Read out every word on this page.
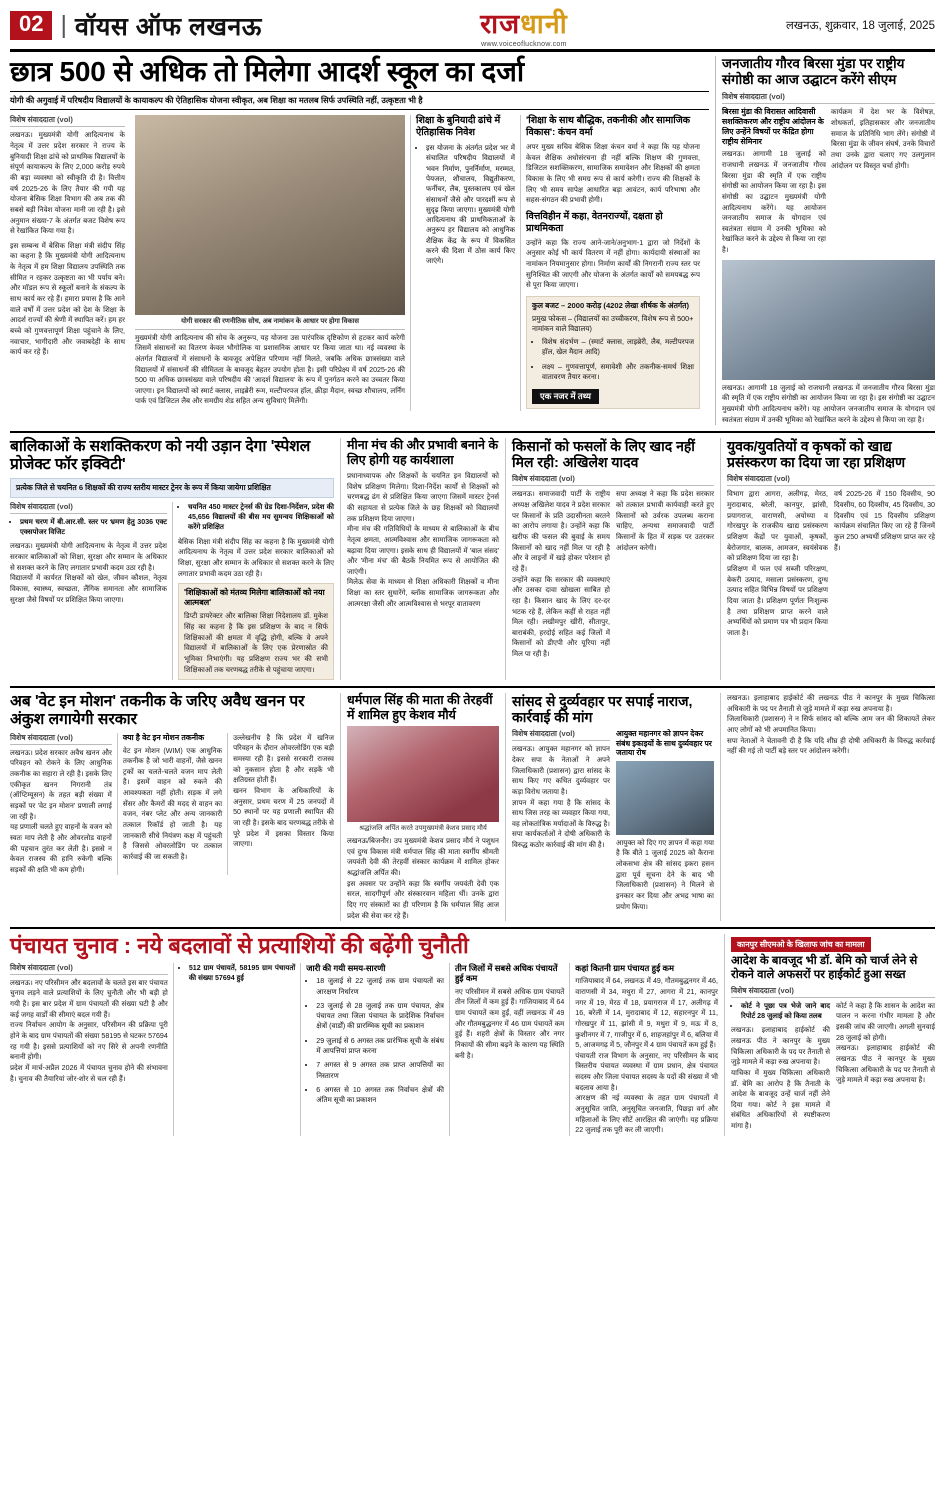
02 | वॉयस ऑफ लखनऊ	राजधानी
www.voiceoflucknow.com
लखनऊ, शुक्रवार, 18 जुलाई, 2025
छात्र 500 से अधिक तो मिलेगा आदर्श स्कूल का दर्जा
योगी की अगुवाई में परिषदीय विद्यालयों के कायाकल्प की ऐतिहासिक योजना स्वीकृत, अब शिक्षा का मतलब सिर्फ उपस्थिति नहीं, उत्कृष्टता भी है
विशेष संवाददाता (vol)

लखनऊ। मुख्यमंत्री योगी आदित्यनाथ के नेतृत्व में उत्तर प्रदेश सरकार ने राज्य के बुनियादी शिक्षा ढांचे को प्राथमिक विद्यालयों के संपूर्ण कायाकल्प के लिए 2,000 करोड़ रुपये की बड़ा व्यवस्था को स्वीकृति दी है। वित्तीय वर्ष 2025-26 के लिए तैयार की गयी यह योजना बेसिक शिक्षा विभाग की अब तक की सबसे बड़ी निवेश योजना मानी जा रही है। इसे अनुमान संख्या-7 के अंतर्गत बजट विशेष रूप से रेखांकित किया गया है।

इस सम्बन्ध में बेसिक शिक्षा मंत्री संदीप सिंह का कहना है कि मुख्यमंत्री योगी आदित्यनाथ के नेतृत्व में हम शिक्षा विद्यालय उपस्थिति तक सीमित न रहकर उत्कृष्टता का भी पर्याय बने। और मॉडल रूप से स्कूलों बनाने के संकल्प के साथ कार्य कर रहे हैं। हमारा प्रयास है कि आने वाले वर्षों में उत्तर प्रदेश को देश के शिक्षा के आदर्श राज्यों की श्रेणी में स्थापित करें। हम हर बच्चे को गुणवत्तापूर्ण शिक्षा पहुंचाने के लिए, नवाचार, भागीदारी और जवाबदेही के साथ कार्य कर रहे हैं।

योगी सरकार की रणनीतिक सोच, अब नामांकन के आधार पर होगा विकास

मुख्यमंत्री योगी आदित्यनाथ की सोच के अनुरूप, यह योजना उस पारंपरिक दृष्टिकोण से हटकर कार्य करेगी जिसमें संसाधनों का वितरण केवल भौगोलिक या प्रशासनिक आधार पर किया जाता था। नई व्यवस्था के अंतर्गत विद्यालयों में संसाधनों के बावजूद अपेक्षित परिणाम नहीं मिलते, जबकि अधिक छात्रसंख्या वाले विद्यालयों में संसाधनों की सीमितता के बावजूद बेहतर उपयोग होता है। इसी परिप्रेक्ष्य में वर्ष 2025-26 की 500 या अधिक छात्रसंख्या वाले परिषदीय की 'आदर्श विद्यालय' के रूप में पुनर्गठन करने का उच्चतर किया जाएगा। इन विद्यालयों को स्मार्ट क्लास, लाइब्रेरी रूम, मल्टीपरपज हॉल, क्रीड़ा मैदान, स्वच्छ शौचालय, लर्निंग पार्क एवं डिजिटल लैब और समग्रीय शेड सहित अन्य सुविधाएं मिलेंगी।

शिक्षा के बुनियादी ढांचे में ऐतिहासिक निवेश
• इस योजना के अंतर्गत प्रदेश भर में संचालित परिषदीय विद्यालयों में भवन निर्माण, पुनर्निर्माण, मरम्मत, पेयजल, शौचालय, विद्युतीकरण, फर्नीचर, लैब, पुस्तकालय एवं खेल संसाधनों जैसे और पारदर्शी रूप से सुदृढ़ किया जाएगा। मुख्यमंत्री योगी आदित्यनाथ की प्राथमिकताओं के अनुरूप हर विद्यालय को आधुनिक शैक्षिक केंद्र के रूप में विकसित करने की दिशा में ठोस कार्य किए जाएंगे।
'शिक्षा के साथ बौद्धिक, तकनीकी और सामाजिक विकास': कंचन वर्मा
अपर मुख्य सचिव बेसिक शिक्षा कंचन वर्मा ने कहा कि यह योजना केवल शैक्षिक अधोसंरचना ही नहीं बल्कि शिक्षण की गुणवत्ता, डिजिटल सशक्तिकरण, सामाजिक समावेशन और शिक्षकों की क्षमता विकास के लिए भी समग्र रूप से कार्य करेगी। राज्य की शिक्षकों के लिए भी समय सापेक्ष आधारित बड़ा आवंटन, कार्य परिभाषा और सहस-संगठन की प्रभावी होगी।
वित्तविहीन में कहा, वेतनराज्यों, दक्षता हो प्राथमिकता
उन्होंने कहा कि राज्य आने-जाने/अनुभाग-1 द्वारा जो निर्देशों के अनुसार कोई भी कार्य वितरण में नहीं होगा। कार्यदायी संस्थाओं का नामांकन नियमानुसार होगा। निर्माण कार्यों की निगरानी राज्य स्तर पर सुनिश्चित की जाएगी और योजना के अंतर्गत कार्यों को समयबद्ध रूप से पूरा किया जाएगा।
कुल बजट – 2000 करोड़ (4202 लेखा शीर्षक के अंतर्गत)
प्रमुख फोकस – (विद्यालयों का उच्चीकरण, विशेष रूप से 500+ नामांकन वाले विद्यालय)
• विशेष संदर्भण – (स्मार्ट क्लास, लाइब्रेरी, लैब, मल्टीपरपज हॉल, खेल मैदान आदि)
• लक्ष्य – गुणवत्तापूर्ण, समावेशी और तकनीक-समर्थ शिक्षा वातावरण तैयार करना।
एक नजर में तथ्य
जनजातीय गौरव बिरसा मुंडा पर राष्ट्रीय संगोष्ठी का आज उद्घाटन करेंगे सीएम
विशेष संवाददाता (vol)
बिरसा मुंडा की विरासत आदिवासी सशक्तिकरण और राष्ट्रीय आंदोलन के लिए उन्हेंने विषयों पर केंद्रित होगा राष्ट्रीय सेमिनार
लखनऊ। आगामी 18 जुलाई को राजधानी लखनऊ में जनजातीय गौरव बिरसा मुंडा की स्मृति में एक राष्ट्रीय संगोष्ठी का आयोजन किया जा रहा है। इस संगोष्ठी का उद्घाटन मुख्यमंत्री योगी आदित्यनाथ करेंगे। यह आयोजन जनजातीय समाज के योगदान एवं स्वतंत्रता संग्राम में उनकी भूमिका को रेखांकित करने के उद्देश्य से किया जा रहा है।
कार्यक्रम में देश भर के विशेषज्ञ, शोधकर्ता, इतिहासकार और जनजातीय समाज के प्रतिनिधि भाग लेंगे। संगोष्ठी में बिरसा मुंडा के जीवन संघर्ष, उनके विचारों तथा उनके द्वारा चलाए गए उलगुलान आंदोलन पर विस्तृत चर्चा होगी।
लखनऊ। आगामी 18 जुलाई को राजधानी लखनऊ में जनजातीय गौरव बिरसा मुंडा की स्मृति में एक राष्ट्रीय संगोष्ठी का आयोजन किया जा रहा है। इस संगोष्ठी का उद्घाटन मुख्यमंत्री योगी आदित्यनाथ करेंगे। यह आयोजन जनजातीय समाज के योगदान एवं स्वतंत्रता संग्राम में उनकी भूमिका को रेखांकित करने के उद्देश्य से किया जा रहा है।
बालिकाओं के सशक्तिकरण को नयी उड़ान देगा 'स्पेशल प्रोजेक्ट फॉर इक्विटी'
प्रत्येक जिले से चयनित 6 शिक्षकों की राज्य स्तरीय मास्टर ट्रेनर के रूप में किया जायेगा प्रशिक्षित
विशेष संवाददाता (vol)
• प्रथम चरण में बी.आर.सी. स्तर पर भ्रमण हेतु 3036 एक्ट एक्सपोजर विजिट
लखनऊ। मुख्यमंत्री योगी आदित्यनाथ के नेतृत्व में उत्तर प्रदेश सरकार बालिकाओं को शिक्षा, सुरक्षा और सम्मान के अधिकार से सशक्त करने के लिए लगातार प्रभावी कदम उठा रही है।
विद्यालयों में कार्यरत शिक्षकों को खेल, जीवन कौशल, नेतृत्व विकास, स्वास्थ्य, स्वच्छता, लैंगिक समानता और सामाजिक सुरक्षा जैसे विषयों पर प्रशिक्षित किया जाएगा।
• चयनित 450 मास्टर ट्रेनर्स की ग्रेड दिशा-निर्देशन, प्रदेश की 45,656 विद्यालयों की बीस मय सुमन्वय शिक्षिकाओं को करेंगे प्रशिक्षित
बेसिक शिक्षा मंत्री संदीप सिंह का कहना है कि मुख्यमंत्री योगी आदित्यनाथ के नेतृत्व में उत्तर प्रदेश सरकार बालिकाओं को शिक्षा, सुरक्षा और सम्मान के अधिकार से सशक्त करने के लिए लगातार प्रभावी कदम उठा रही है।
'शिक्षिकाओं को मंतव्य मिलेगा बालिकाओं को नया आत्मबल'
डिप्टी डायरेक्टर और बालिका शिक्षा निदेशालय डॉ. मुकेश सिंह का कहना है कि इस प्रशिक्षण के बाद न सिर्फ शिक्षिकाओं की क्षमता में वृद्धि होगी, बल्कि वे अपने विद्यालयों में बालिकाओं के लिए एक प्रेरणास्रोत की भूमिका निभाएंगी। यह प्रशिक्षण राज्य भर की सभी शिक्षिकाओं तक चरणबद्ध तरीके से पहुंचाया जाएगा।
मीना मंच की और प्रभावी बनाने के लिए होगी यह कार्यशाला
प्रधानाध्यापक और शिक्षकों के चयनित इन विद्यालयों को विशेष प्रशिक्षण मिलेगा। दिशा-निर्देश कार्यों से शिक्षकों को चरणबद्ध ढंग से प्रशिक्षित किया जाएगा जिसमें मास्टर ट्रेनर्स की सहायता से प्रत्येक जिले के छह शिक्षकों को विद्यालयों तक प्रशिक्षण दिया जाएगा।
मीना मंच की गतिविधियों के माध्यम से बालिकाओं के बीच नेतृत्व क्षमता, आत्मविश्वास और सामाजिक जागरूकता को बढ़ावा दिया जाएगा। इसके साथ ही विद्यालयों में 'बाल संसद' और 'मीना मंच' की बैठकें नियमित रूप से आयोजित की जाएंगी।
मिलेऊ सेवा के माध्यम से शिक्षा अधिकारी शिक्षकों व मीना शिक्षा का स्तर सुधारेंगे, ब्लॉक सामाजिक जागरूकता और आत्मरक्षा जैसी और आत्मविश्वास से भरपूर वातावरण
किसानों को फसलों के लिए खाद नहीं मिल रही: अखिलेश यादव
विशेष संवाददाता (vol)
लखनऊ। समाजवादी पार्टी के राष्ट्रीय अध्यक्ष अखिलेश यादव ने प्रदेश सरकार पर किसानों के प्रति उदासीनता बरतने का आरोप लगाया है। उन्होंने कहा कि खरीफ की फसल की बुवाई के समय किसानों को खाद नहीं मिल पा रही है और वे लाइनों में खड़े होकर परेशान हो रहे हैं।
उन्होंने कहा कि सरकार की व्यवस्थाएं और उसका दावा खोखला साबित हो रहा है। किसान खाद के लिए दर-दर भटक रहे हैं, लेकिन कहीं से राहत नहीं मिल रही। लखीमपुर खीरी, सीतापुर, बाराबंकी, हरदोई सहित कई जिलों में किसानों को डीएपी और यूरिया नहीं मिल पा रही है।
सपा अध्यक्ष ने कहा कि प्रदेश सरकार को तत्काल प्रभावी कार्यवाही करते हुए किसानों को उर्वरक उपलब्ध कराना चाहिए, अन्यथा समाजवादी पार्टी किसानों के हित में सड़क पर उतरकर आंदोलन करेगी।
युवक/युवतियों व कृषकों को खाद्य प्रसंस्करण का दिया जा रहा प्रशिक्षण
विशेष संवाददाता (vol)
विभाग द्वारा आगरा, अलीगढ़, मेरठ, मुरादाबाद, बरेली, कानपुर, झांसी, प्रयागराज, वाराणसी, अयोध्या व गोरखपुर के राजकीय खाद्य प्रसंस्करण प्रशिक्षण केंद्रों पर युवाओं, कृषकों, बेरोजगार, बालक, आमजन, स्वयंसेवक को प्रशिक्षण दिया जा रहा है।
प्रशिक्षण में फल एवं सब्जी परिरक्षण, बेकरी उत्पाद, मसाला प्रसंस्करण, दुग्ध उत्पाद सहित विभिन्न विषयों पर प्रशिक्षण दिया जाता है। प्रशिक्षण पूर्णतः निःशुल्क है तथा प्रशिक्षण प्राप्त करने वाले अभ्यर्थियों को प्रमाण पत्र भी प्रदान किया जाता है।
वर्ष 2025-26 में 150 दिवसीय, 90 दिवसीय, 60 दिवसीय, 45 दिवसीय, 30 दिवसीय एवं 15 दिवसीय प्रशिक्षण कार्यक्रम संचालित किए जा रहे हैं जिनमें कुल 250 अभ्यर्थी प्रशिक्षण प्राप्त कर रहे हैं।
अब 'वेट इन मोशन' तकनीक के जरिए अवैध खनन पर अंकुश लगायेगी सरकार
विशेष संवाददाता (vol)
लखनऊ। प्रदेश सरकार अवैध खनन और परिवहन को रोकने के लिए आधुनिक तकनीक का सहारा ले रही है। इसके लिए एकीकृत खनन निगरानी तंत्र (ऑप्टिम्यूसन) के तहत बड़ी संख्या में सड़कों पर 'वेट इन मोशन' प्रणाली लगाई जा रही है।
यह प्रणाली चलते हुए वाहनों के वजन को स्वतः माप लेती है और ओवरलोड वाहनों की पहचान तुरंत कर लेती है। इससे न केवल राजस्व की हानि रुकेगी बल्कि सड़कों की क्षति भी कम होगी।
क्या है वेट इन मोशन तकनीक
वेट इन मोशन (WIM) एक आधुनिक तकनीक है जो भारी वाहनों, जैसे खनन ट्रकों का चलते-चलते वजन माप लेती है। इसमें वाहन को रुकने की आवश्यकता नहीं होती। सड़क में लगे सेंसर और कैमरों की मदद से वाहन का वजन, नंबर प्लेट और अन्य जानकारी तत्काल रिकॉर्ड हो जाती है। यह जानकारी सीधे नियंत्रण कक्ष में पहुंचती है जिससे ओवरलोडिंग पर तत्काल कार्रवाई की जा सकती है।
उल्लेखनीय है कि प्रदेश में खनिज परिवहन के दौरान ओवरलोडिंग एक बड़ी समस्या रही है। इससे सरकारी राजस्व को नुकसान होता है और सड़कें भी क्षतिग्रस्त होती हैं।
खनन विभाग के अधिकारियों के अनुसार, प्रथम चरण में 25 जनपदों में 50 स्थानों पर यह प्रणाली स्थापित की जा रही है। इसके बाद चरणबद्ध तरीके से पूरे प्रदेश में इसका विस्तार किया जाएगा।
धर्मपाल सिंह की माता की तेरहवीं में शामिल हुए केशव मौर्य
श्रद्धांजलि अर्पित करते उपमुख्यमंत्री केशव प्रसाद मौर्य
लखनऊ/बिजनौर। उप मुख्यमंत्री केशव प्रसाद मौर्य ने पशुधन एवं दुग्ध विकास मंत्री धर्मपाल सिंह की माता स्वर्गीय श्रीमती जयवंती देवी की तेरहवीं संस्कार कार्यक्रम में शामिल होकर श्रद्धांजलि अर्पित की।
इस अवसर पर उन्होंने कहा कि स्वर्गीय जयवंती देवी एक सरल, सादगीपूर्ण और संस्कारवान महिला थीं। उनके द्वारा दिए गए संस्कारों का ही परिणाम है कि धर्मपाल सिंह आज प्रदेश की सेवा कर रहे हैं।
सांसद से दुर्व्यवहार पर सपाई नाराज, कार्रवाई की मांग
विशेष संवाददाता (vol)
लखनऊ। आयुक्त महानगर को ज्ञापन देकर सपा के नेताओं ने अपने जिलाधिकारी (प्रशासन) द्वारा सांसद के साथ किए गए कथित दुर्व्यवहार पर कड़ा विरोध जताया है।
ज्ञापन में कहा गया है कि सांसद के साथ जिस तरह का व्यवहार किया गया, वह लोकतांत्रिक मर्यादाओं के विरुद्ध है। सपा कार्यकर्ताओं ने दोषी अधिकारी के विरुद्ध कठोर कार्रवाई की मांग की है।
आयुक्त महानगर को ज्ञापन देकर संबंध इकाइयों के साथ दुर्व्यवहार पर जताया रोष
आयुक्त को दिए गए ज्ञापन में कहा गया है कि बीते 1 जुलाई 2025 को कैराना लोकसभा क्षेत्र की सांसद इकरा हसन द्वारा पूर्व सूचना देने के बाद भी जिलाधिकारी (प्रशासन) ने मिलने से इनकार कर दिया और अभद्र भाषा का प्रयोग किया।
लखनऊ। इलाहाबाद हाईकोर्ट की लखनऊ पीठ ने कानपुर के मुख्य चिकित्सा अधिकारी के पद पर तैनाती से जुड़े मामले में कड़ा रुख अपनाया है।
जिलाधिकारी (प्रशासन) ने न सिर्फ सांसद को बल्कि आम जन की शिकायतें लेकर आए लोगों को भी अपमानित किया।
सपा नेताओं ने चेतावनी दी है कि यदि शीघ्र ही दोषी अधिकारी के विरुद्ध कार्रवाई नहीं की गई तो पार्टी बड़े स्तर पर आंदोलन करेगी।
पंचायत चुनाव : नये बदलावों से प्रत्याशियों की बढ़ेंगी चुनौती
विशेष संवाददाता (vol)
लखनऊ। नए परिसीमन और बदलावों के चलते इस बार पंचायत चुनाव लड़ने वाले प्रत्याशियों के लिए चुनौती और भी बड़ी हो गयी है। इस बार प्रदेश में ग्राम पंचायतों की संख्या घटी है और कई जगह वार्डों की सीमाएं बदल गयी हैं।
राज्य निर्वाचन आयोग के अनुसार, परिसीमन की प्रक्रिया पूरी होने के बाद ग्राम पंचायतों की संख्या 58195 से घटकर 57694 रह गयी है। इससे प्रत्याशियों को नए सिरे से अपनी रणनीति बनानी होगी।
प्रदेश में मार्च-अप्रैल 2026 में पंचायत चुनाव होने की संभावना है। चुनाव की तैयारियां जोर-शोर से चल रही हैं।
• 512 ग्राम पंचायतें, 58195 ग्राम पंचायतों की संख्या 57694 हुई
जारी की गयी समय-सारणी
• 18 जुलाई से 22 जुलाई तक ग्राम पंचायतों का आरक्षण निर्धारण
• 23 जुलाई से 28 जुलाई तक ग्राम पंचायत, क्षेत्र पंचायत तथा जिला पंचायत के प्रादेशिक निर्वाचन क्षेत्रों (वार्डों) की प्रारम्भिक सूची का प्रकाशन
• 29 जुलाई से 6 अगस्त तक प्रारंभिक सूची के संबंध में आपत्तियां प्राप्त करना
• 7 अगस्त से 9 अगस्त तक प्राप्त आपत्तियों का निस्तारण
• 6 अगस्त से 10 अगस्त तक निर्वाचन क्षेत्रों की अंतिम सूची का प्रकाशन
तीन जिलों में सबसे अधिक पंचायतें हुई कम
नए परिसीमन में सबसे अधिक ग्राम पंचायतें तीन जिलों में कम हुई हैं। गाजियाबाद में 64 ग्राम पंचायतें कम हुईं, वहीं लखनऊ में 49 और गौतमबुद्धनगर में 46 ग्राम पंचायतें कम हुई हैं। शहरी क्षेत्रों के विस्तार और नगर निकायों की सीमा बढ़ने के कारण यह स्थिति बनी है।
कहां कितनी ग्राम पंचायत हुई कम
गाजियाबाद में 64, लखनऊ में 49, गौतमबुद्धनगर में 46, वाराणसी में 34, मथुरा में 27, आगरा में 21, कानपुर नगर में 19, मेरठ में 18, प्रयागराज में 17, अलीगढ़ में 16, बरेली में 14, मुरादाबाद में 12, सहारनपुर में 11, गोरखपुर में 11, झांसी में 9, मथुरा में 9, मऊ में 8, कुशीनगर में 7, गाजीपुर में 6, शाहजहांपुर में 6, बलिया में 5, आजमगढ़ में 5, जौनपुर में 4 ग्राम पंचायतें कम हुई हैं।
पंचायती राज विभाग के अनुसार, नए परिसीमन के बाद त्रिस्तरीय पंचायत व्यवस्था में ग्राम प्रधान, क्षेत्र पंचायत सदस्य और जिला पंचायत सदस्य के पदों की संख्या में भी बदलाव आया है।
आरक्षण की नई व्यवस्था के तहत ग्राम पंचायतों में अनुसूचित जाति, अनुसूचित जनजाति, पिछड़ा वर्ग और महिलाओं के लिए सीटें आरक्षित की जाएंगी। यह प्रक्रिया 22 जुलाई तक पूरी कर ली जाएगी।
कानपुर सीएमओ के खिलाफ जांच का मामला
आदेश के बावजूद भी डॉ. बेमि को चार्ज लेने से रोकने वाले अफसरों पर हाईकोर्ट हुआ सख्त
विशेष संवाददाता (vol)
• कोर्ट ने पूछा पत्र भेजे जाने बाद रिपोर्ट 28 जुलाई को किया तलब
लखनऊ। इलाहाबाद हाईकोर्ट की लखनऊ पीठ ने कानपुर के मुख्य चिकित्सा अधिकारी के पद पर तैनाती से जुड़े मामले में कड़ा रुख अपनाया है।
याचिका में मुख्य चिकित्सा अधिकारी डॉ. बेमि का आरोप है कि तैनाती के आदेश के बावजूद उन्हें चार्ज नहीं लेने दिया गया। कोर्ट ने इस मामले में संबंधित अधिकारियों से स्पष्टीकरण मांगा है।
कोर्ट ने कहा है कि शासन के आदेश का पालन न करना गंभीर मामला है और इसकी जांच की जाएगी। अगली सुनवाई 28 जुलाई को होगी।
लखनऊ। इलाहाबाद हाईकोर्ट की लखनऊ पीठ ने कानपुर के मुख्य चिकित्सा अधिकारी के पद पर तैनाती से जुड़े मामले में कड़ा रुख अपनाया है।
